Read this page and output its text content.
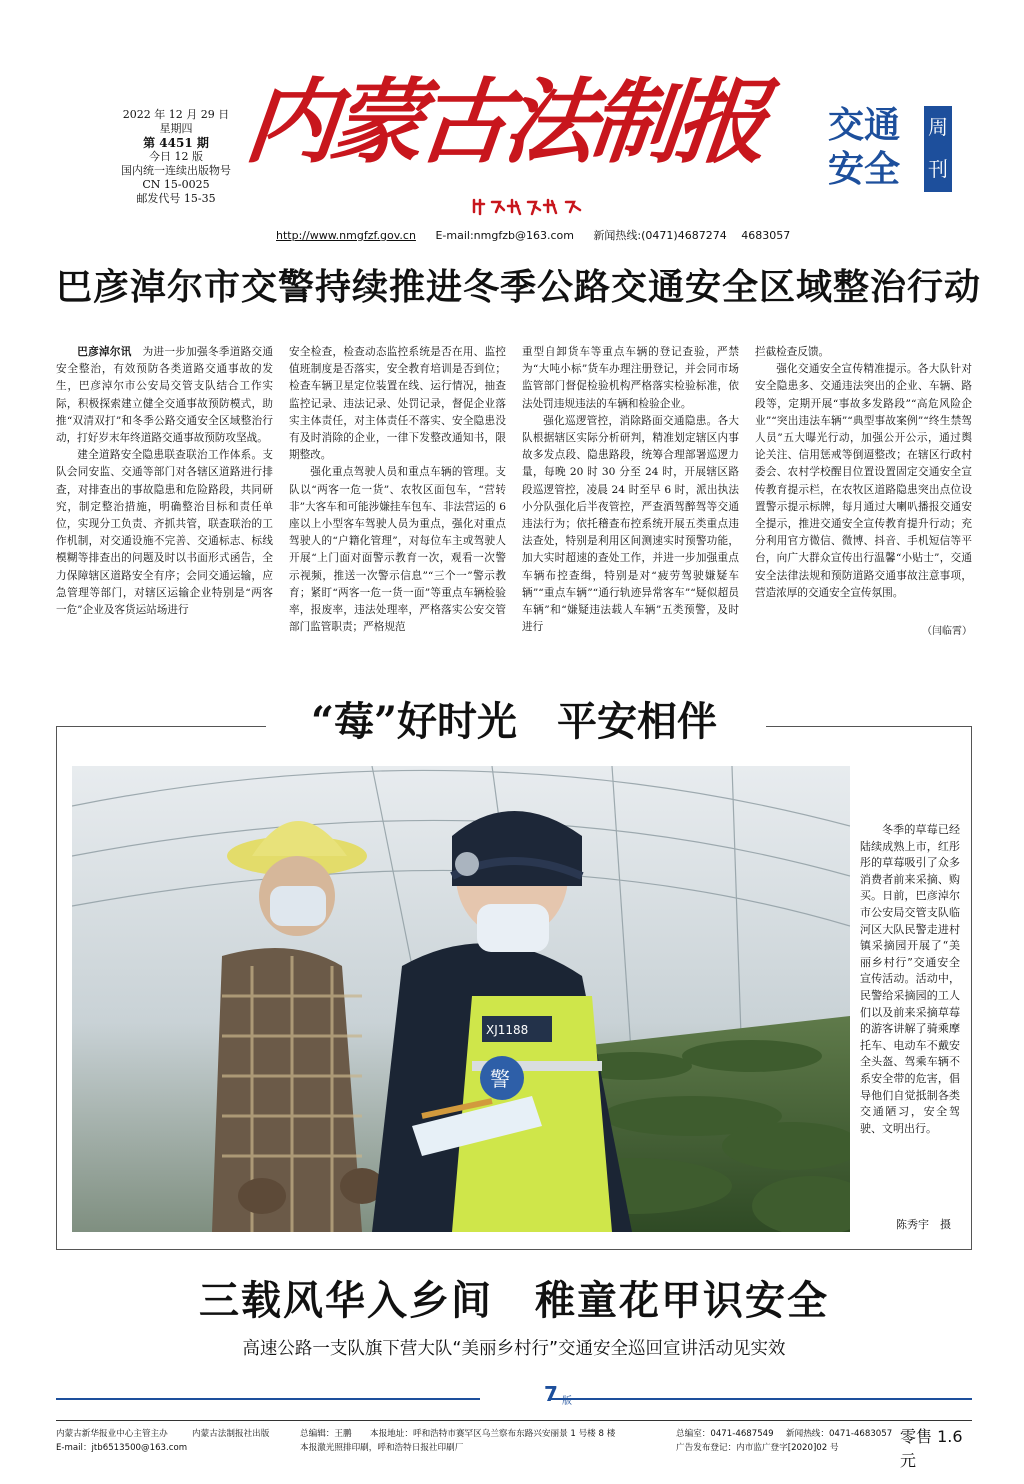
2022 年 12 月 29 日
星期四
第 4451 期
今日 12 版
国内统一连续出版物号
CN 15-0025
邮发代号 15-35
内蒙古法制报	交通
安全
周刊
http://www.nmgfzf.gov.cn E-mail:nmgfzb@163.com 新闻热线:(0471)4687274　 4683057
巴彦淖尔市交警持续推进冬季公路交通安全区域整治行动

巴彦淖尔讯　 为进一步加强冬季道路交通安全整治，有效预防各类道路交通事故的发生，巴彦淖尔市公安局交管支队结合工作实际，积极探索建立健全交通事故预防模式，助推“双清双打”和冬季公路交通安全区域整治行动，打好岁末年终道路交通事故预防攻坚战。

建全道路安全隐患联查联治工作体系。支队会同安监、交通等部门对各辖区道路进行排查，对排查出的事故隐患和危险路段，共同研究，制定整治措施，明确整治目标和责任单位，实现分工负责、齐抓共管，联查联治的工作机制，对交通设施不完善、交通标志、标线模糊等排查出的问题及时以书面形式函告，全力保障辖区道路安全有序；会同交通运输，应急管理等部门，对辖区运输企业特别是“两客一危”企业及客货运站场进行

安全检查，检查动态监控系统是否在用、监控值班制度是否落实，安全教育培训是否到位；检查车辆卫星定位装置在线、运行情况，抽查监控记录、违法记录、处罚记录，督促企业落实主体责任，对主体责任不落实、安全隐患没有及时消除的企业，一律下发整改通知书，限期整改。

强化重点驾驶人员和重点车辆的管理。支队以“两客一危一货”、农牧区面包车，“营转非”大客车和可能涉嫌挂车包车、非法营运的 6 座以上小型客车驾驶人员为重点，强化对重点驾驶人的“户籍化管理”，对每位车主或驾驶人开展“上门面对面警示教育一次，观看一次警示视频，推送一次警示信息”“三个一”警示教育；紧盯“两客一危一货一面”等重点车辆检验率，报废率，违法处理率，严格落实公安交管部门监管职责；严格规范

重型自卸货车等重点车辆的登记查验，严禁为“大吨小标”货车办理注册登记，并会同市场监管部门督促检验机构严格落实检验标准，依法处罚违规违法的车辆和检验企业。

强化巡逻管控，消除路面交通隐患。各大队根据辖区实际分析研判，精准划定辖区内事故多发点段、隐患路段，统筹合理部署巡逻力量，每晚 20 时 30 分至 24 时，开展辖区路段巡逻管控，凌晨 24 时至早 6 时，派出执法小分队强化后半夜管控，严查酒驾醉驾等交通违法行为；依托稽查布控系统开展五类重点违法查处，特别是利用区间测速实时预警功能，加大实时超速的查处工作，并进一步加强重点车辆布控查缉，特别是对“疲劳驾驶嫌疑车辆”“重点车辆”“通行轨迹异常客车”“疑似超员车辆”和“嫌疑违法载人车辆”五类预警，及时进行

拦截检查反馈。

强化交通安全宣传精准提示。各大队针对安全隐患多、交通违法突出的企业、车辆、路段等，定期开展“事故多发路段”“高危风险企业”“突出违法车辆”“典型事故案例”“终生禁驾人员”五大曝光行动，加强公开公示，通过舆论关注、信用惩戒等倒逼整改；在辖区行政村委会、农村学校醒目位置设置固定交通安全宣传教育提示栏，在农牧区道路隐患突出点位设置警示提示标牌，每月通过大喇叭播报交通安全提示，推进交通安全宣传教育提升行动；充分利用官方微信、微博、抖音、手机短信等平台，向广大群众宣传出行温馨“小贴士”，交通安全法律法规和预防道路交通事故注意事项，营造浓厚的交通安全宣传氛围。

（闫临霄）
“莓”好时光　平安相伴
XJ1188
警

冬季的草莓已经陆续成熟上市，红彤彤的草莓吸引了众多消费者前来采摘、购买。日前，巴彦淖尔市公安局交管支队临河区大队民警走进村镇采摘园开展了“美丽乡村行”交通安全宣传活动。活动中，民警给采摘园的工人们以及前来采摘草莓的游客讲解了骑乘摩托车、电动车不戴安全头盔、驾乘车辆不系安全带的危害，倡导他们自觉抵制各类交通陋习，安全驾驶、文明出行。

陈秀宇　摄
三载风华入乡间　稚童花甲识安全
高速公路一支队旗下营大队“美丽乡村行”交通安全巡回宣讲活动见实效
7 版
内蒙古新华报业中心主管主办	内蒙古法制报社出版	总编辑：王鹏 本报地址：呼和浩特市赛罕区乌兰察布东路兴安丽景 1 号楼 8 楼	总编室：0471-4687549 新闻热线：0471-4683057
E-mail：jtb6513500@163.com	本报激光照排印刷，呼和浩特日报社印刷厂	广告发布登记：内市监广登字[2020]02 号
零售 1.6 元
